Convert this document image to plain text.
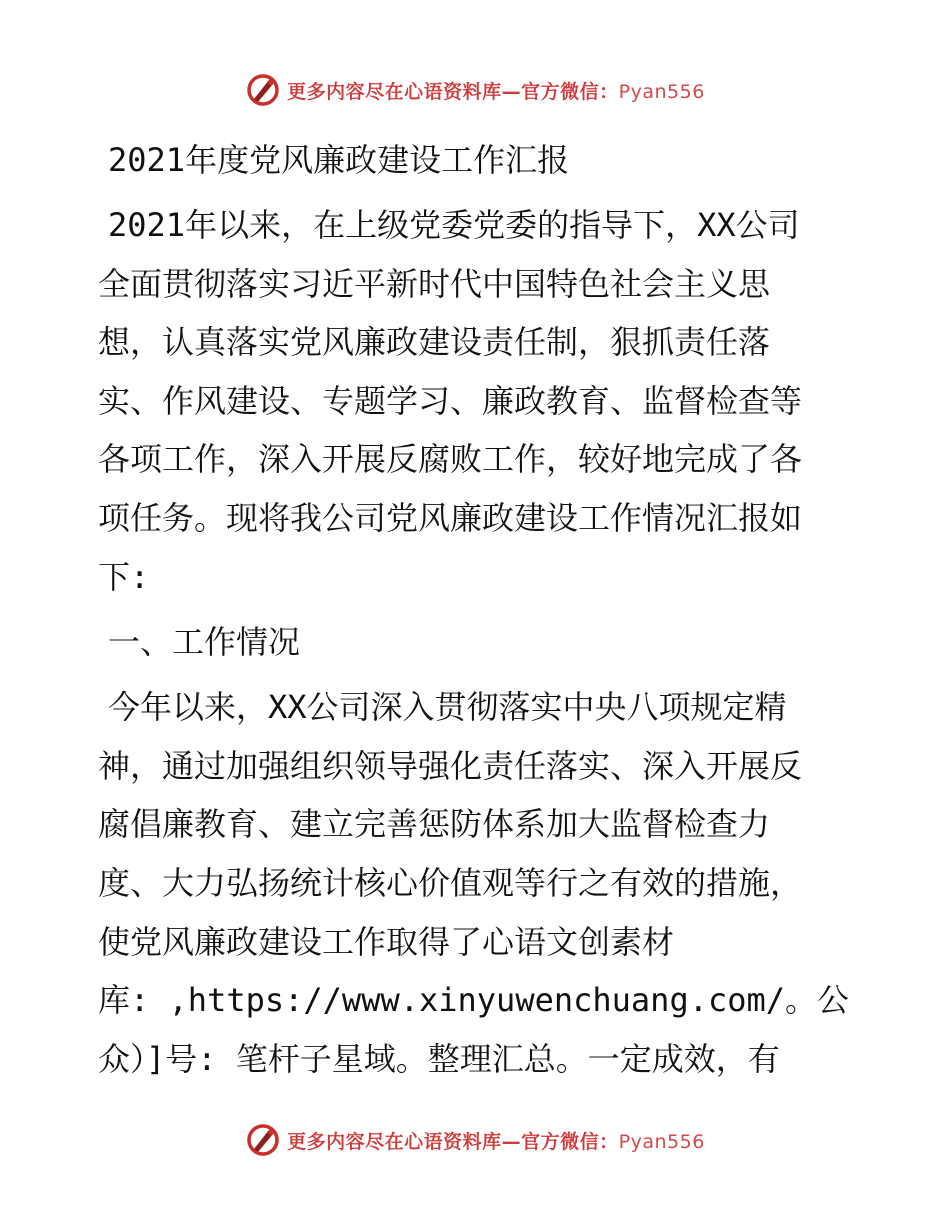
更多内容尽在心语资料库—官方微信：Pyan556
2021年度党风廉政建设工作汇报
2021年以来，在上级党委党委的指导下，XX公司
全面贯彻落实习近平新时代中国特色社会主义思
想，认真落实党风廉政建设责任制，狠抓责任落
实、作风建设、专题学习、廉政教育、监督检查等
各项工作，深入开展反腐败工作，较好地完成了各
项任务。现将我公司党风廉政建设工作情况汇报如
下:
一、工作情况
今年以来，XX公司深入贯彻落实中央八项规定精
神，通过加强组织领导强化责任落实、深入开展反
腐倡廉教育、建立完善惩防体系加大监督检查力
度、大力弘扬统计核心价值观等行之有效的措施，
使党风廉政建设工作取得了心语文创素材
库: ,https://www.xinyuwenchuang.com/。公
众）]号: 笔杆子星域。整理汇总。一定成效，有
更多内容尽在心语资料库—官方微信：Pyan556
